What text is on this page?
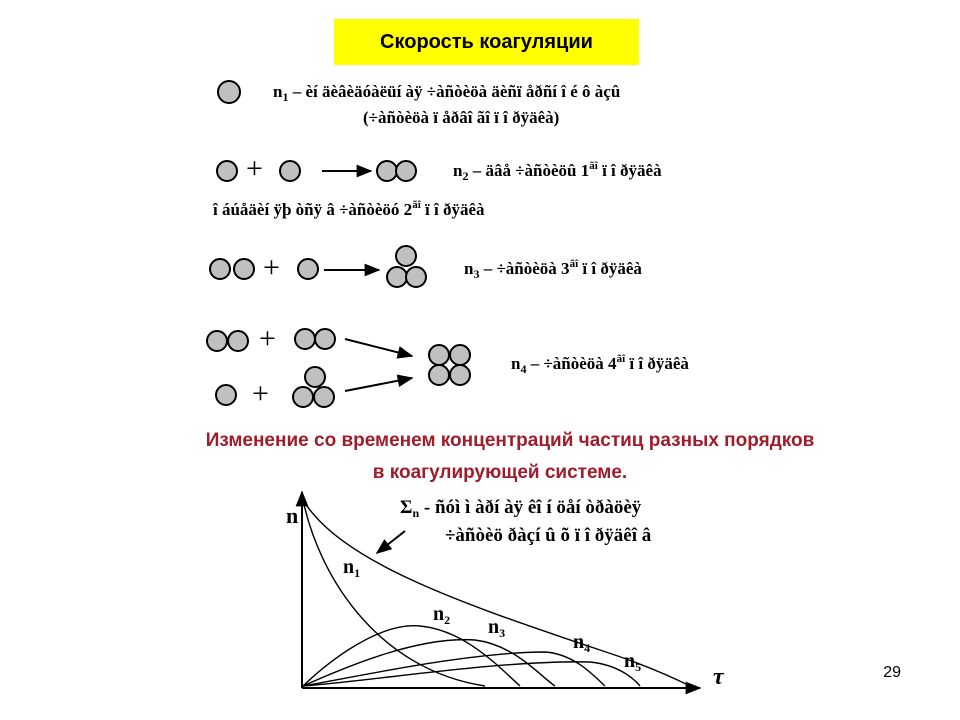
Скорость коагуляции
$n_1$ – èí äèâèäóàëüí àÿ ÷àñòèöà äèñï åðñí î é ô àçû
(÷àñòèöà ï åðâî ãî ï î ðÿäêà)
$n_2$ – äâå ÷àñòèöû $1^{ãî}$ ï î ðÿäêà
î áúåäèí ÿþ òñÿ â ÷àñòèöó $2^{ãî}$ ï î ðÿäêà
$n_3$ – ÷àñòèöà $3^{ãî}$ ï î ðÿäêà
$n_4$ – ÷àñòèöà $4^{ãî}$ ï î ðÿäêà
+
+
+
+
Изменение со временем концентраций частиц разных порядков
в коагулирующей системе.
n
τ
$\Sigma_n$ - ñóì ì àðí àÿ êî í öåí òðàöèÿ
÷àñòèö ðàçí û õ ï î ðÿäêî â
$n_1$
$n_2$ $n_3$	$n_4$
$n_5$	29
